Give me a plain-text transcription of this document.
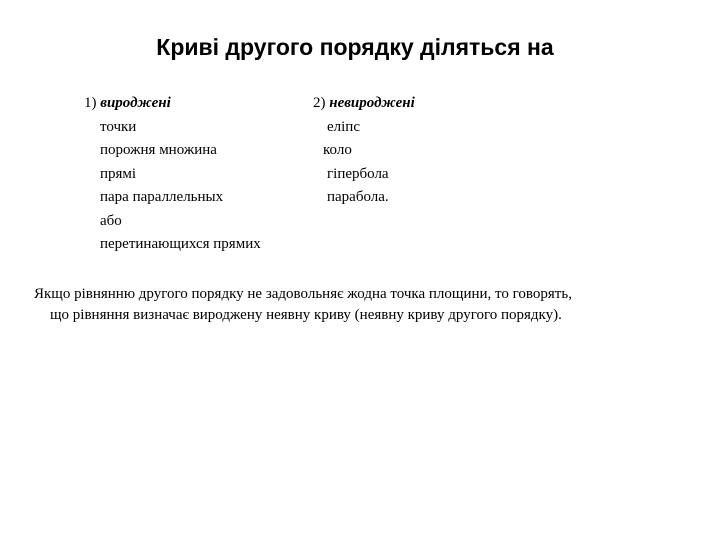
Криві другого порядку діляться на
1) виродженi
точки
порожня множина
прямі
пара параллельных
або
перетинающихся прямих
2) невиродженi
еліпс
коло
гіпербола
парабола.

Якщо рівнянню другого порядку не задовольняє жодна точка площини, то говорять,
що рівняння визначає вироджену неявну криву (неявну криву другого порядку).
